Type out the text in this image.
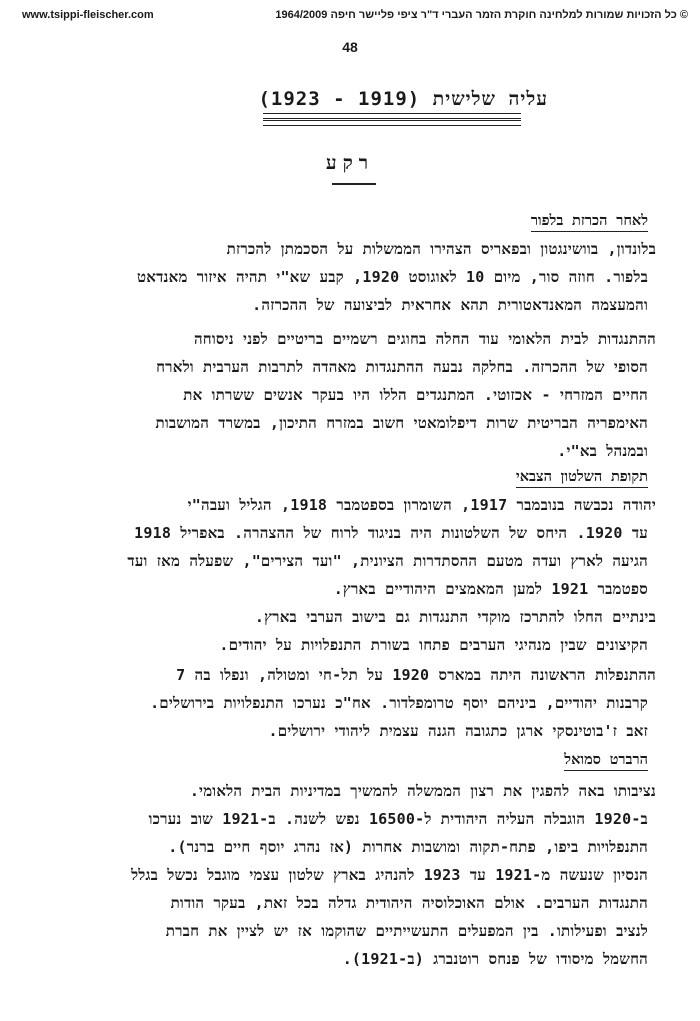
www.tsippi-fleischer.com	© כל הזכויות שמורות למלחינה חוקרת הזמר העברי ד"ר ציפי פליישר חיפה 1964/2009
48
עליה שלישית (1919 - 1923)
רקע
לאחר הכרזת בלפור
בלונדון, בוושינגטון ובפאריס הצהירו הממשלות על הסכמתן להכרזת
בלפור. חוזה סור, מיום 10 לאוגוסט 1920, קבע שא"י תהיה איזור מאנדאט
והמעצמה המאנדאטורית תהא אחראית לביצועה של ההכרזה.
ההתנגדות לבית הלאומי עוד החלה בחוגים רשמיים בריטיים לפני ניסוחה
הסופי של ההכרזה. בחלקה נבעה ההתנגדות מאהדה לתרבות הערבית ולארח
החיים המזרחי - אכזוטי. המתנגדים הללו היו בעקר אנשים ששרתו את
האימפריה הבריטית שרות דיפלומאטי חשוב במזרח התיכון, במשרד המושבות
ובמנהל בא"י.
תקופת השלטון הצבאי
יהודה נכבשה בנובמבר 1917, השומרון בספטמבר 1918, הגליל ועבה"י
עד 1920. היחס של השלטונות היה בניגוד לרוח של ההצהרה. באפריל 1918
הגיעה לארץ ועדה מטעם ההסתדרות הציונית, "ועד הצירים", שפעלה מאז ועד
ספטמבר 1921 למען המאמצים היהודיים בארץ.
בינתיים החלו להתרכז מוקדי התנגדות גם בישוב הערבי בארץ.
הקיצונים שבין מנהיגי הערבים פתחו בשורת התנפלויות על יהודים.
ההתנפלות הראשונה היתה במארס 1920 על תל-חי ומטולה, ונפלו בה 7
קרבנות יהודיים, ביניהם יוסף טרומפלדור. אח"כ נערכו התנפלויות בירושלים.
זאב ז'בוטינסקי ארגן כתגובה הגנה עצמית ליהודי ירושלים.
הרברט סמואל
נציבותו באה להפגין את רצון הממשלה להמשיך במדיניות הבית הלאומי.
ב-1920 הוגבלה העליה היהודית ל-16500 נפש לשנה. ב-1921 שוב נערכו
התנפלויות ביפו, פתח-תקוה ומושבות אחרות (אז נהרג יוסף חיים ברנר).
הנסיון שנעשה מ-1921 עד 1923 להנהיג בארץ שלטון עצמי מוגבל נכשל בגלל
התנגדות הערבים. אולם האוכלוסיה היהודית גדלה בכל זאת, בעקר הודות
לנציב ופעילותו. בין המפעלים התעשייתיים שהוקמו אז יש לציין את חברת
החשמל מיסודו של פנחס רוטנברג (ב-1921).
